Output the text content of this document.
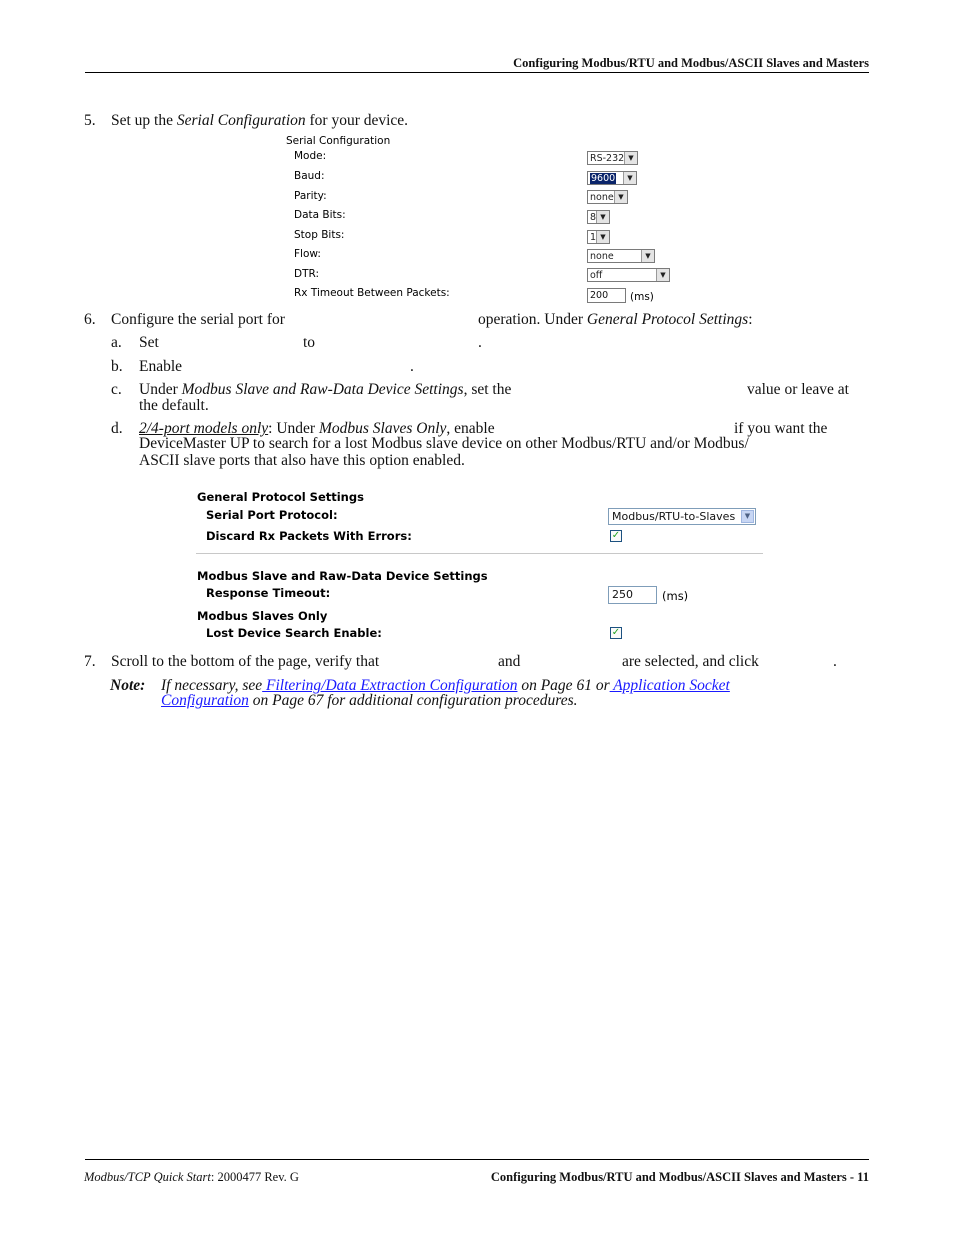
Configuring Modbus/RTU and Modbus/ASCII Slaves and Masters
5. Set up the Serial Configuration for your device.
Serial Configuration
Mode:	RS-232 ▼
Baud:	9600	▼
Parity:	none ▼
Data Bits:	8 ▼
Stop Bits:	1 ▼
Flow:	none	▼
DTR:	off	▼
Rx Timeout Between Packets:	200	(ms)
6. Configure the serial port for	operation. Under General Protocol Settings:
a. Set	to	.
b. Enable	.
c. Under Modbus Slave and Raw-Data Device Settings, set the	value or leave at
the default.
d. 2/4-port models only: Under Modbus Slaves Only, enable	if you want the
DeviceMaster UP to search for a lost Modbus slave device on other Modbus/RTU and/or Modbus/
ASCII slave ports that also have this option enabled.
General Protocol Settings
Serial Port Protocol:	Modbus/RTU-to-Slaves	▼
Discard Rx Packets With Errors:	✓
Modbus Slave and Raw-Data Device Settings
Response Timeout:	250	(ms)
Modbus Slaves Only
Lost Device Search Enable:	✓
7. Scroll to the bottom of the page, verify that	and	are selected, and click	.
Note: If necessary, see Filtering/Data Extraction Configuration on Page 61 or Application Socket
Configuration on Page 67 for additional configuration procedures.
Modbus/TCP Quick Start: 2000477 Rev. G	Configuring Modbus/RTU and Modbus/ASCII Slaves and Masters - 11
